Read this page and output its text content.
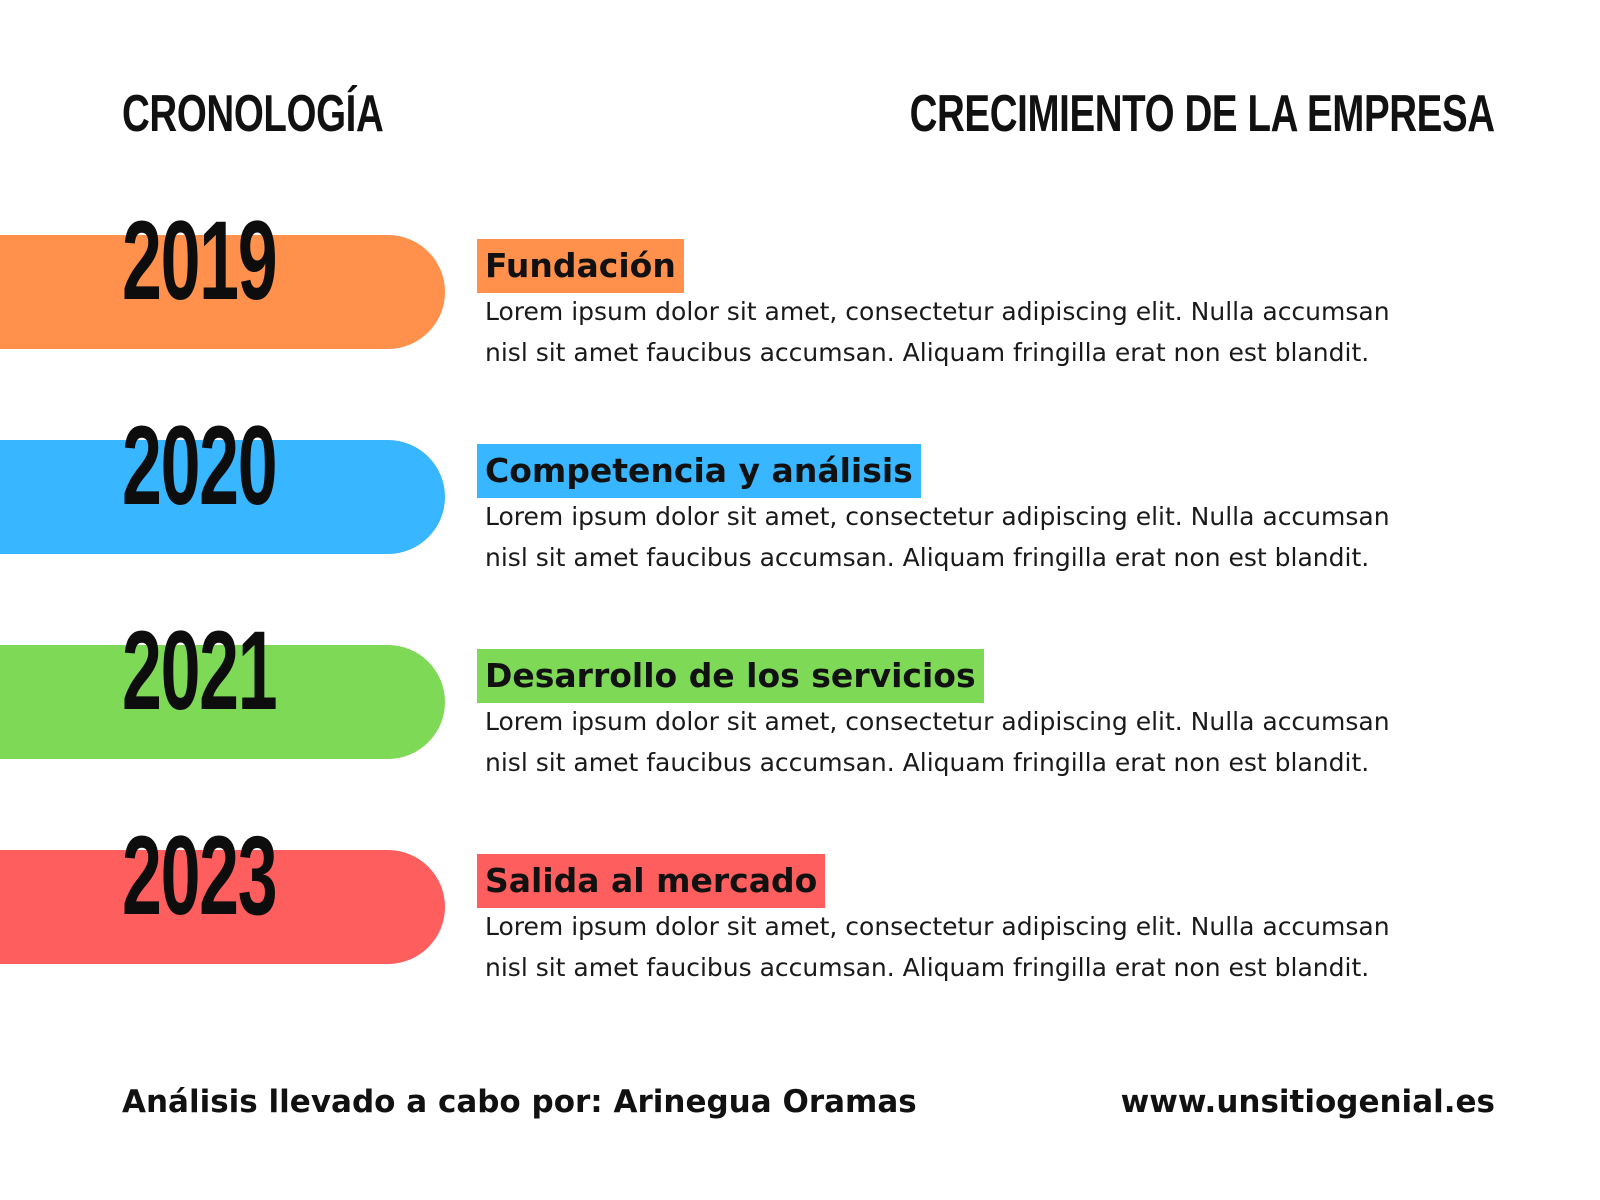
CRONOLOGÍA	CRECIMIENTO DE LA EMPRESA
2019	Fundación
Lorem ipsum dolor sit amet, consectetur adipiscing elit. Nulla accumsan
nisl sit amet faucibus accumsan. Aliquam fringilla erat non est blandit.
2020	Competencia y análisis
Lorem ipsum dolor sit amet, consectetur adipiscing elit. Nulla accumsan
nisl sit amet faucibus accumsan. Aliquam fringilla erat non est blandit.
2021	Desarrollo de los servicios
Lorem ipsum dolor sit amet, consectetur adipiscing elit. Nulla accumsan
nisl sit amet faucibus accumsan. Aliquam fringilla erat non est blandit.
2023	Salida al mercado
Lorem ipsum dolor sit amet, consectetur adipiscing elit. Nulla accumsan
nisl sit amet faucibus accumsan. Aliquam fringilla erat non est blandit.
Análisis llevado a cabo por: Arinegua Oramas	www.unsitiogenial.es
